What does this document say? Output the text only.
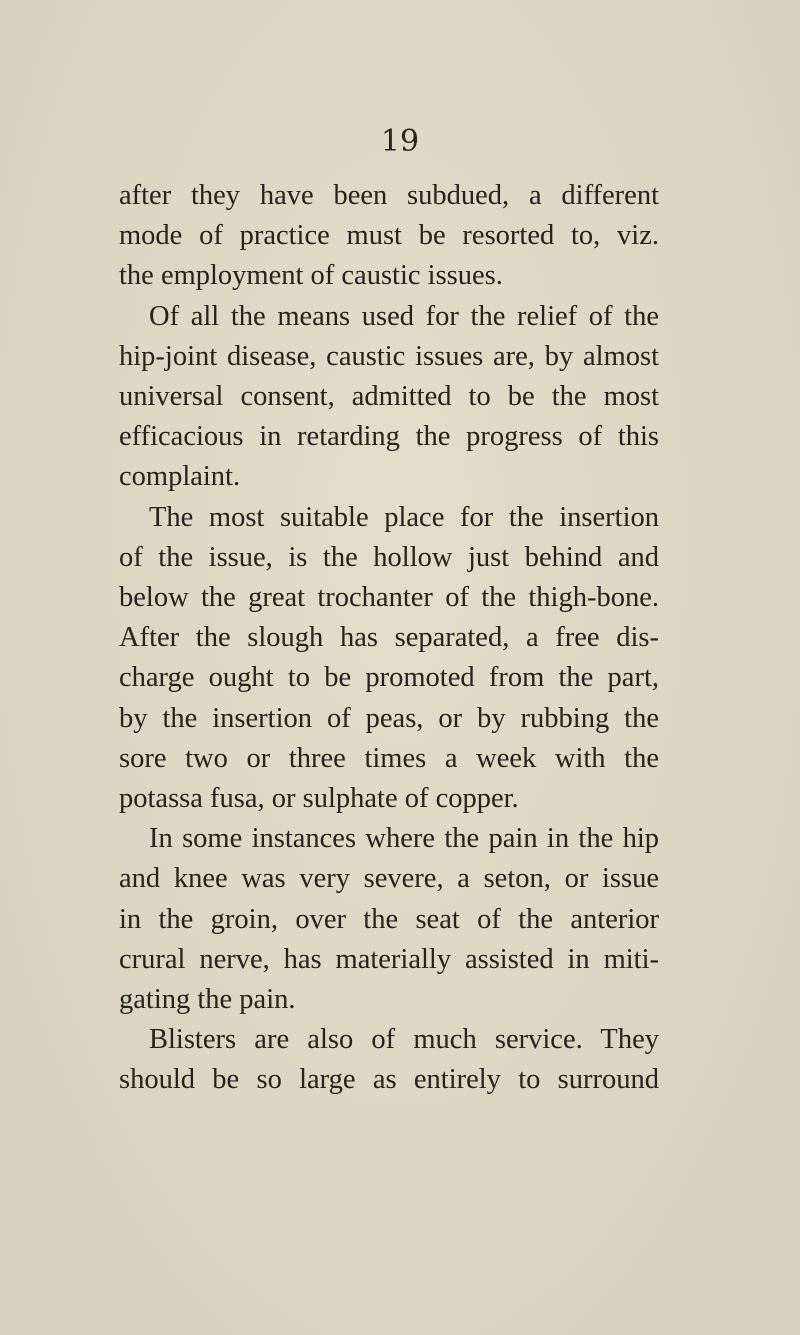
19
after they have been subdued, a different
mode of practice must be resorted to, viz.
the employment of caustic issues.
Of all the means used for the relief of the
hip-joint disease, caustic issues are, by almost
universal consent, admitted to be the most
efficacious in retarding the progress of this
complaint.
The most suitable place for the insertion
of the issue, is the hollow just behind and
below the great trochanter of the thigh-bone.
After the slough has separated, a free dis-
charge ought to be promoted from the part,
by the insertion of peas, or by rubbing the
sore two or three times a week with the
potassa fusa, or sulphate of copper.
In some instances where the pain in the hip
and knee was very severe, a seton, or issue
in the groin, over the seat of the anterior
crural nerve, has materially assisted in miti-
gating the pain.
Blisters are also of much service. They
should be so large as entirely to surround
